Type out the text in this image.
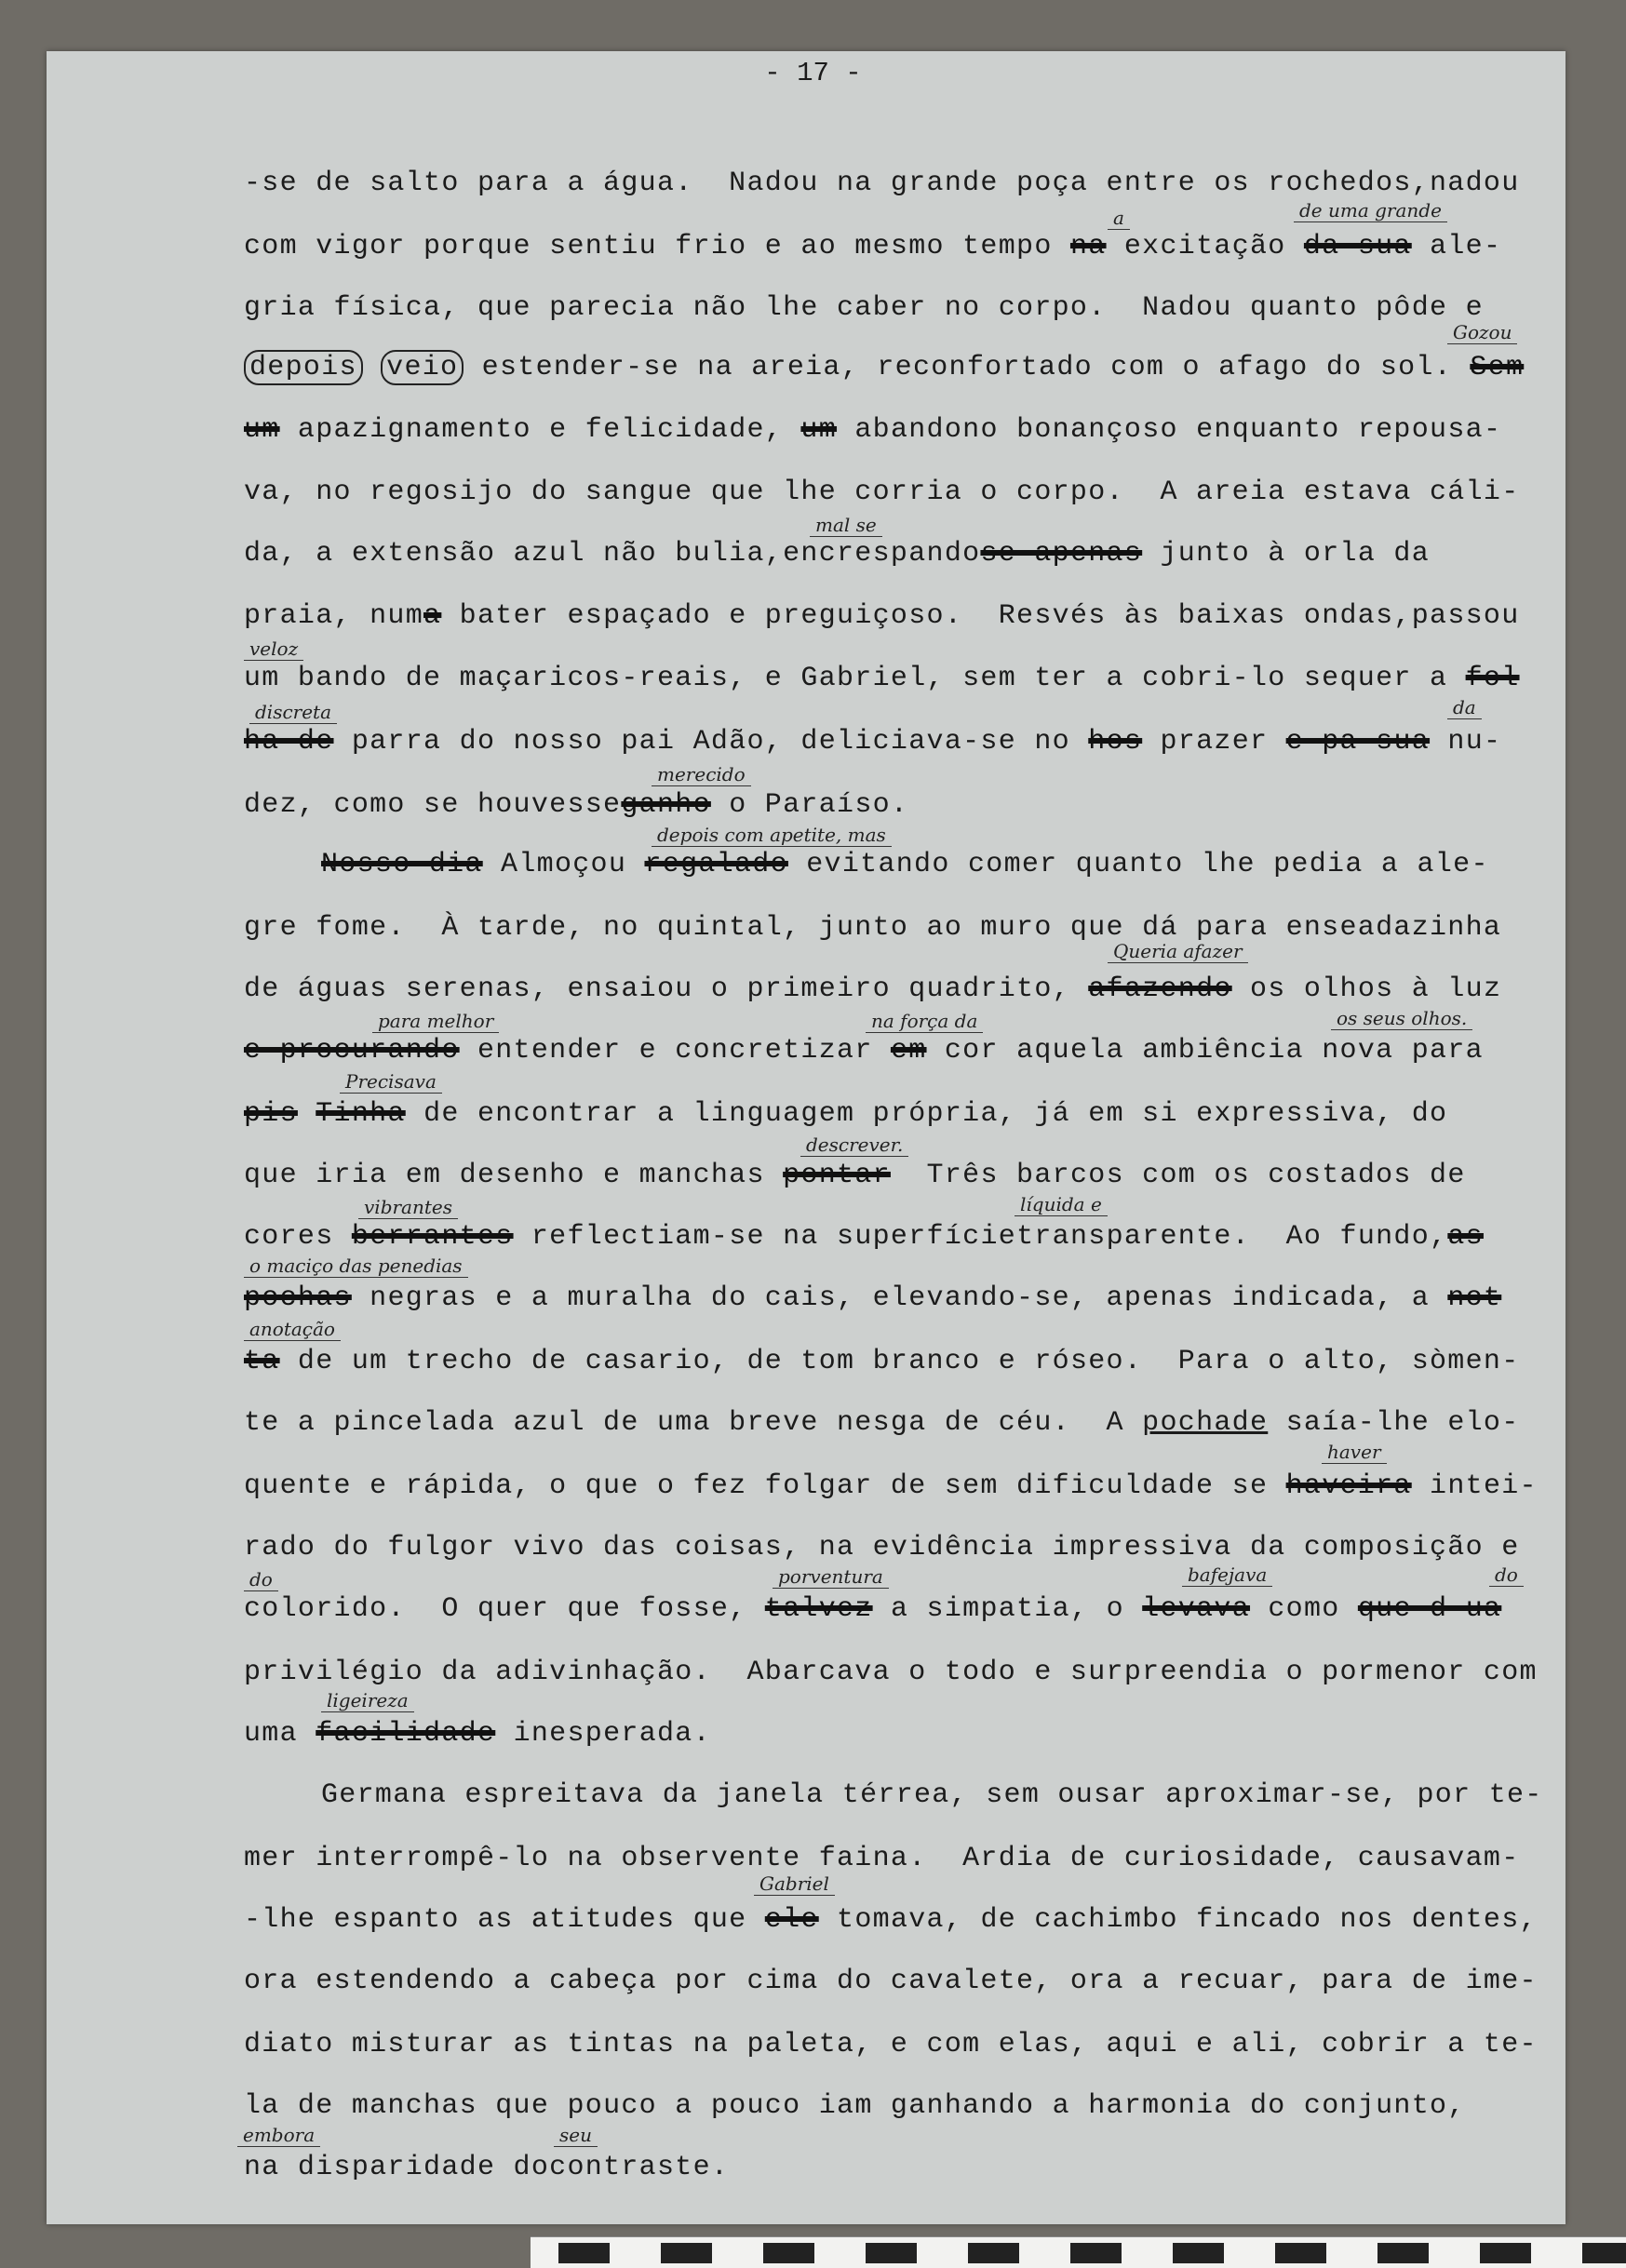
- 17 -
-se de salto para a água.  Nadou na grande poça entre os rochedos,nadou
com vigor porque sentiu frio e ao mesmo tempo na excitação da sua ale-
a	de uma grande
gria física, que parecia não lhe caber no corpo.  Nadou quanto pôde e
depois veio estender-se na areia, reconfortado com o afago do sol. Sem
Gozou
um apazignamento e felicidade, um abandono bonançoso enquanto repousa-
va, no regosijo do sangue que lhe corria o corpo.  A areia estava cáli-
da, a extensão azul não bulia,encrespandose apenas junto à orla da
mal se
praia, numa bater espaçado e preguiçoso.  Resvés às baixas ondas,passou
veloz
um bando de maçaricos-reais, e Gabriel, sem ter a cobri-lo sequer a fol
ha de parra do nosso pai Adão, deliciava-se no hos prazer e pa sua nu-
discreta	da
dez, como se houvesseganho o Paraíso.
merecido
Nosso dia Almoçou regalado evitando comer quanto lhe pedia a ale-
depois com apetite, mas
gre fome.  À tarde, no quintal, junto ao muro que dá para enseadazinha
de águas serenas, ensaiou o primeiro quadrito, afazendo os olhos à luz
Queria afazer
e procurando entender e concretizar em cor aquela ambiência nova para
para melhor	na força da	os seus olhos.
pis Tinha de encontrar a linguagem própria, já em si expressiva, do
Precisava
que iria em desenho e manchas pontar  Três barcos com os costados de
descrever.
cores berrantes reflectiam-se na superfícietransparente.  Ao fundo,as
vibrantes	líquida e
pochas negras e a muralha do cais, elevando-se, apenas indicada, a not
o maciço das penedias
ta de um trecho de casario, de tom branco e róseo.  Para o alto, sòmen-
anotação
te a pincelada azul de uma breve nesga de céu.  A pochade saía-lhe elo-
quente e rápida, o que o fez folgar de sem dificuldade se haveira intei-
haver
rado do fulgor vivo das coisas, na evidência impressiva da composição e
colorido.  O quer que fosse, talvez a simpatia, o levava como que d ua
do	porventura	bafejava	do
privilégio da adivinhação.  Abarcava o todo e surpreendia o pormenor com
uma facilidade inesperada.
ligeireza
Germana espreitava da janela térrea, sem ousar aproximar-se, por te-
mer interrompê-lo na observente faina.  Ardia de curiosidade, causavam-
-lhe espanto as atitudes que ele tomava, de cachimbo fincado nos dentes,
Gabriel
ora estendendo a cabeça por cima do cavalete, ora a recuar, para de ime-
diato misturar as tintas na paleta, e com elas, aqui e ali, cobrir a te-
la de manchas que pouco a pouco iam ganhando a harmonia do conjunto,
na disparidade docontraste.
embora	seu
